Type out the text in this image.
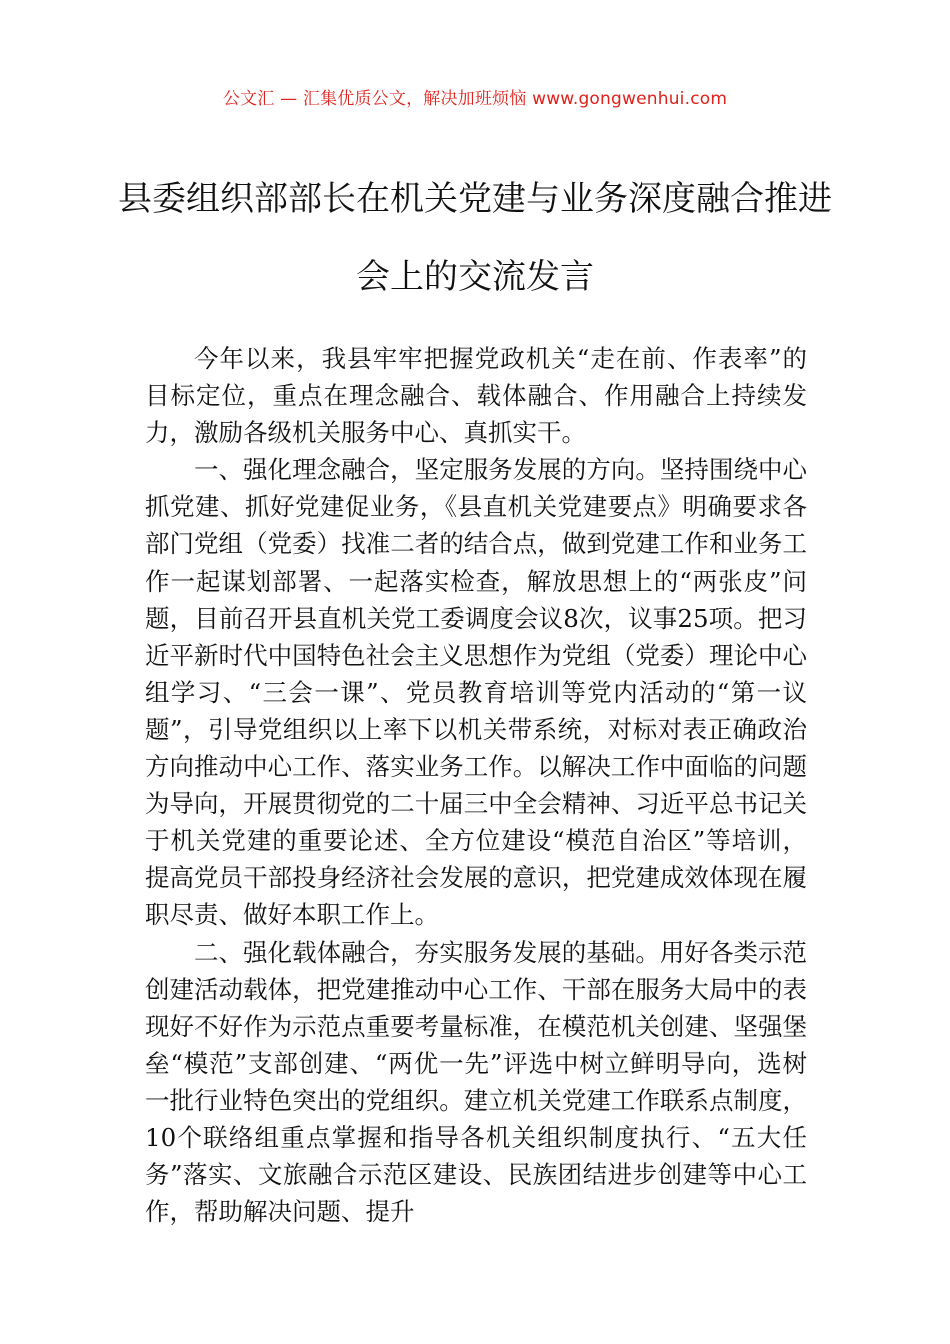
公文汇 — 汇集优质公文，解决加班烦恼 www.gongwenhui.com
县委组织部部长在机关党建与业务深度融合推进会上的交流发言

今年以来，我县牢牢把握党政机关“走在前、作表率”的目标定位，重点在理念融合、载体融合、作用融合上持续发力，激励各级机关服务中心、真抓实干。

一、强化理念融合，坚定服务发展的方向。坚持围绕中心抓党建、抓好党建促业务，《县直机关党建要点》明确要求各部门党组（党委）找准二者的结合点，做到党建工作和业务工作一起谋划部署、一起落实检查，解放思想上的“两张皮”问题，目前召开县直机关党工委调度会议8次，议事25项。把习近平新时代中国特色社会主义思想作为党组（党委）理论中心组学习、“三会一课”、党员教育培训等党内活动的“第一议题”，引导党组织以上率下以机关带系统，对标对表正确政治方向推动中心工作、落实业务工作。以解决工作中面临的问题为导向，开展贯彻党的二十届三中全会精神、习近平总书记关于机关党建的重要论述、全方位建设“模范自治区”等培训，提高党员干部投身经济社会发展的意识，把党建成效体现在履职尽责、做好本职工作上。

二、强化载体融合，夯实服务发展的基础。用好各类示范创建活动载体，把党建推动中心工作、干部在服务大局中的表现好不好作为示范点重要考量标准，在模范机关创建、坚强堡垒“模范”支部创建、“两优一先”评选中树立鲜明导向，选树一批行业特色突出的党组织。建立机关党建工作联系点制度，10个联络组重点掌握和指导各机关组织制度执行、“五大任务”落实、文旅融合示范区建设、民族团结进步创建等中心工作，帮助解决问题、提升
